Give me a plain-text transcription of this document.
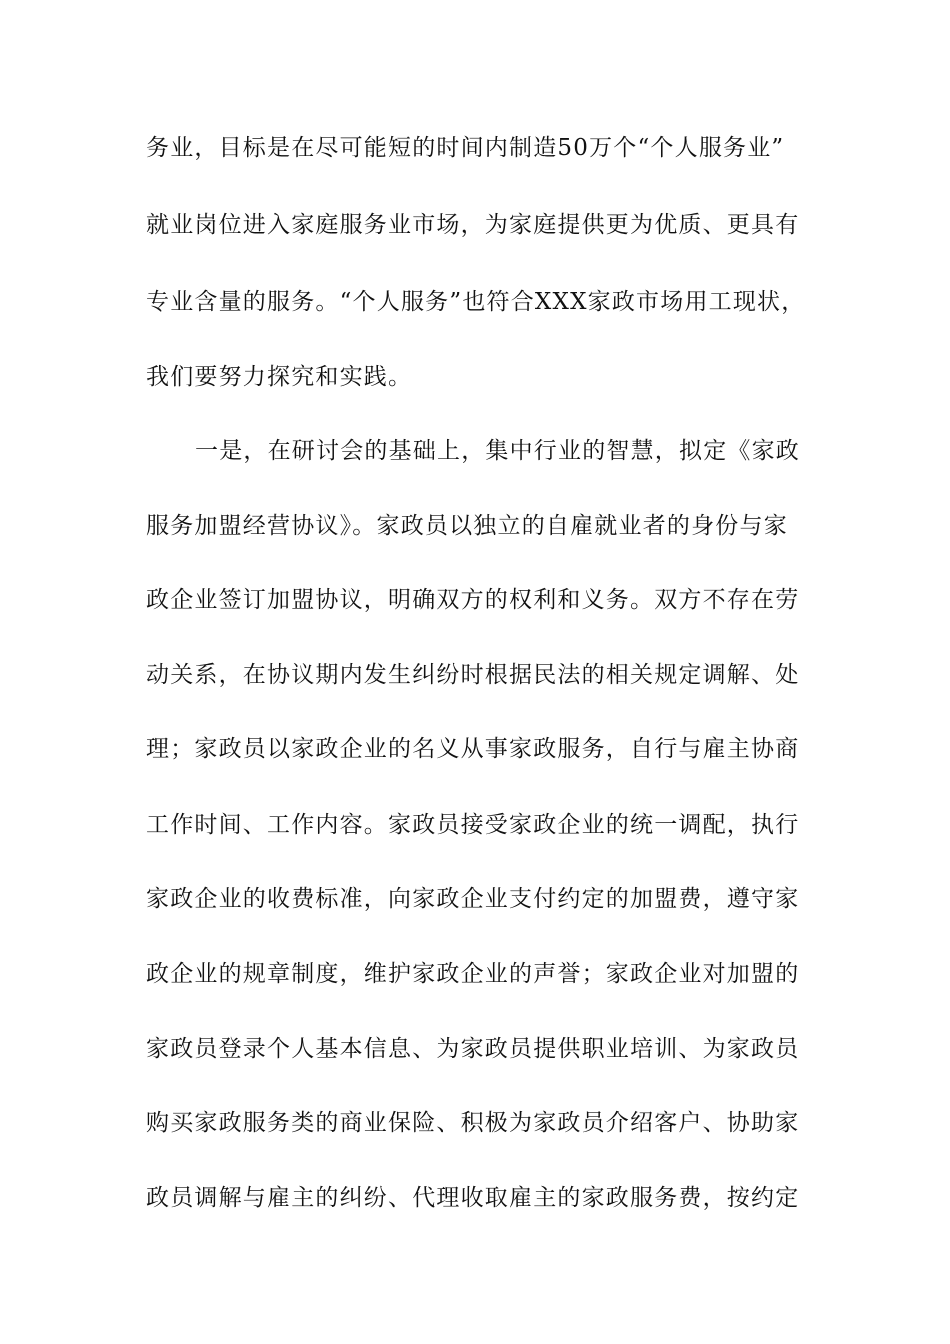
务业，目标是在尽可能短的时间内制造50万个“个人服务业”
就业岗位进入家庭服务业市场，为家庭提供更为优质、更具有
专业含量的服务。“个人服务”也符合XXX家政市场用工现状，
我们要努力探究和实践。
一是，在研讨会的基础上，集中行业的智慧，拟定《家政
服务加盟经营协议》。家政员以独立的自雇就业者的身份与家
政企业签订加盟协议，明确双方的权利和义务。双方不存在劳
动关系，在协议期内发生纠纷时根据民法的相关规定调解、处
理；家政员以家政企业的名义从事家政服务，自行与雇主协商
工作时间、工作内容。家政员接受家政企业的统一调配，执行
家政企业的收费标准，向家政企业支付约定的加盟费，遵守家
政企业的规章制度，维护家政企业的声誉；家政企业对加盟的
家政员登录个人基本信息、为家政员提供职业培训、为家政员
购买家政服务类的商业保险、积极为家政员介绍客户、协助家
政员调解与雇主的纠纷、代理收取雇主的家政服务费，按约定
